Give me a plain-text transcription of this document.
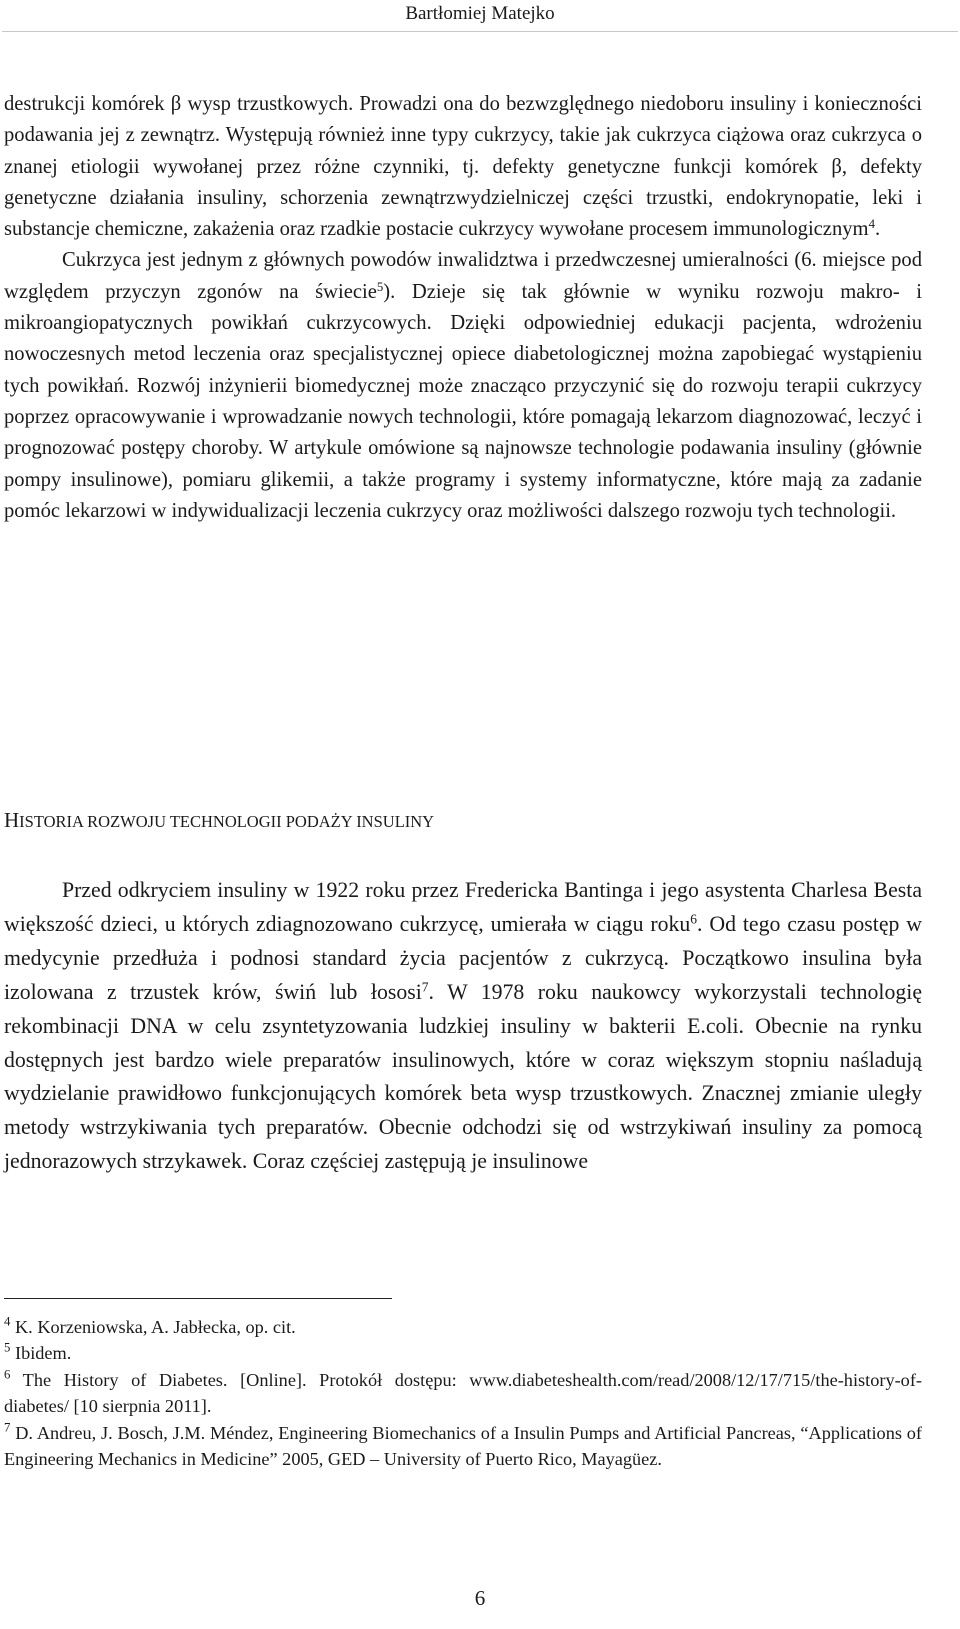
Bartłomiej Matejko

destrukcji komórek β wysp trzustkowych. Prowadzi ona do bezwzględnego niedoboru insuliny i konieczności podawania jej z zewnątrz. Występują również inne typy cukrzycy, takie jak cukrzyca ciążowa oraz cukrzyca o znanej etiologii wywołanej przez różne czynniki, tj. defekty genetyczne funkcji komórek β, defekty genetyczne działania insuliny, schorzenia zewnątrzwydzielniczej części trzustki, endokrynopatie, leki i substancje chemiczne, zakażenia oraz rzadkie postacie cukrzycy wywołane procesem immunologicznym$^4$.

Cukrzyca jest jednym z głównych powodów inwalidztwa i przedwczesnej umieralności (6. miejsce pod względem przyczyn zgonów na świecie$^5$). Dzieje się tak głównie w wyniku rozwoju makro- i mikroangiopatycznych powikłań cukrzycowych. Dzięki odpowiedniej edukacji pacjenta, wdrożeniu nowoczesnych metod leczenia oraz specjalistycznej opiece diabetologicznej można zapobiegać wystąpieniu tych powikłań. Rozwój inżynierii biomedycznej może znacząco przyczynić się do rozwoju terapii cukrzycy poprzez opracowywanie i wprowadzanie nowych technologii, które pomagają lekarzom diagnozować, leczyć i prognozować postępy choroby. W artykule omówione są najnowsze technologie podawania insuliny (głównie pompy insulinowe), pomiaru glikemii, a także programy i systemy informatyczne, które mają za zadanie pomóc lekarzowi w indywidualizacji leczenia cukrzycy oraz możliwości dalszego rozwoju tych technologii.

HISTORIA ROZWOJU TECHNOLOGII PODAŻY INSULINY

Przed odkryciem insuliny w 1922 roku przez Fredericka Bantinga i jego asystenta Charlesa Besta większość dzieci, u których zdiagnozowano cukrzycę, umierała w ciągu roku$^6$. Od tego czasu postęp w medycynie przedłuża i podnosi standard życia pacjentów z cukrzycą. Początkowo insulina była izolowana z trzustek krów, świń lub łososi$^7$. W 1978 roku naukowcy wykorzystali technologię rekombinacji DNA w celu zsyntetyzowania ludzkiej insuliny w bakterii E.coli. Obecnie na rynku dostępnych jest bardzo wiele preparatów insulinowych, które w coraz większym stopniu naśladują wydzielanie prawidłowo funkcjonujących komórek beta wysp trzustkowych. Znacznej zmianie uległy metody wstrzykiwania tych preparatów. Obecnie odchodzi się od wstrzykiwań insuliny za pomocą jednorazowych strzykawek. Coraz częściej zastępują je insulinowe

$^4$ K. Korzeniowska, A. Jabłecka, op. cit.

$^5$ Ibidem.

$^6$ The History of Diabetes. [Online]. Protokół dostępu: www.diabeteshealth.com/read/2008/12/17/715/the-history-of-diabetes/ [10 sierpnia 2011].

$^7$ D. Andreu, J. Bosch, J.M. Méndez, Engineering Biomechanics of a Insulin Pumps and Artificial Pancreas, “Applications of Engineering Mechanics in Medicine” 2005, GED – University of Puerto Rico, Mayagüez.

6
